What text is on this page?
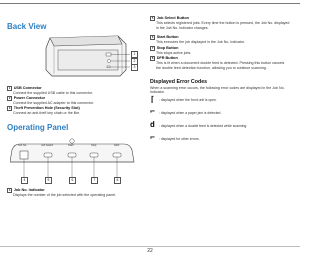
Back View
1
2
3
1 USB Connector
Connect the supplied USB cable to this connector.
2 Power Connector
Connect the supplied AC adapter to this connector.
3 Theft Prevention Hole (Security Slot)
Connect an anti-theft key chain or the like.
Operating Panel
Job No.	Job Select	Start	Stop	DFR
4	5	6	7	8
4 Job No. Indicator
Displays the number of the job selected with the operating panel.
5 Job Select Button
This selects registered jobs. Every time the button is pressed, the Job No. displayed in the Job No. Indicator changes.
6 Start Button
This executes the job displayed in the Job No. Indicator.
7 Stop Button
This stops active jobs.
8 DFR Button
This is lit when a document double feed is detected. Pressing this button cancels the double feed detection function, allowing you to continue scanning.
Displayed Error Codes
When a scanning error occurs, the following error codes are displayed in the Job No. Indicator.
⌈	: displayed when the front unit is open.
⌐	: displayed when a paper jam is detected.
d	: displayed when a double feed is detected while scanning.
⌐	: displayed for other errors.
22
